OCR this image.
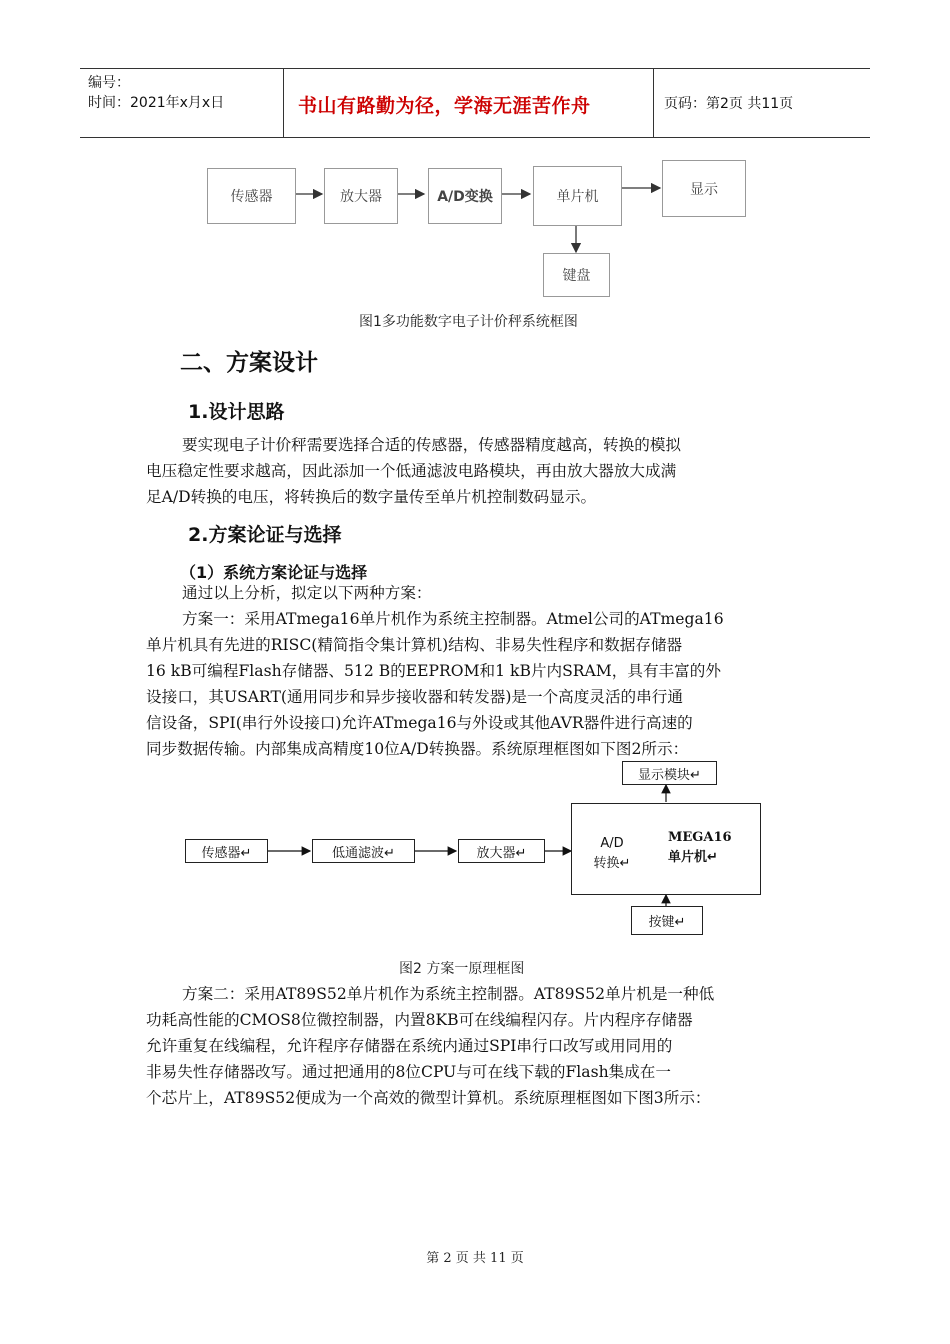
编号：
时间：2021年x月x日	书山有路勤为径，学海无涯苦作舟	页码：第2页 共11页
传感器	放大器	A/D变换	单片机	显示
键盘
图1多功能数字电子计价秤系统框图
二、方案设计
1.设计思路
要实现电子计价秤需要选择合适的传感器，传感器精度越高，转换的模拟
电压稳定性要求越高，因此添加一个低通滤波电路模块，再由放大器放大成满
足A/D转换的电压，将转换后的数字量传至单片机控制数码显示。
2.方案论证与选择
（1）系统方案论证与选择
通过以上分析，拟定以下两种方案：
方案一：采用ATmega16单片机作为系统主控制器。Atmel公司的ATmega16
单片机具有先进的RISC(精简指令集计算机)结构、非易失性程序和数据存储器
16 kB可编程Flash存储器、512 B的EEPROM和1 kB片内SRAM，具有丰富的外
设接口，其USART(通用同步和异步接收器和转发器)是一个高度灵活的串行通
信设备，SPI(串行外设接口)允许ATmega16与外设或其他AVR器件进行高速的
同步数据传输。内部集成高精度10位A/D转换器。系统原理框图如下图2所示：
传感器↵	低通滤波↵	放大器↵
显示模块↵
A/D
转换↵
MEGA16
单片机↵
按键↵
图2 方案一原理框图
方案二：采用AT89S52单片机作为系统主控制器。AT89S52单片机是一种低
功耗高性能的CMOS8位微控制器，内置8KB可在线编程闪存。片内程序存储器
允许重复在线编程，允许程序存储器在系统内通过SPI串行口改写或用同用的
非易失性存储器改写。通过把通用的8位CPU与可在线下载的Flash集成在一
个芯片上，AT89S52便成为一个高效的微型计算机。系统原理框图如下图3所示：
第 2 页 共 11 页
